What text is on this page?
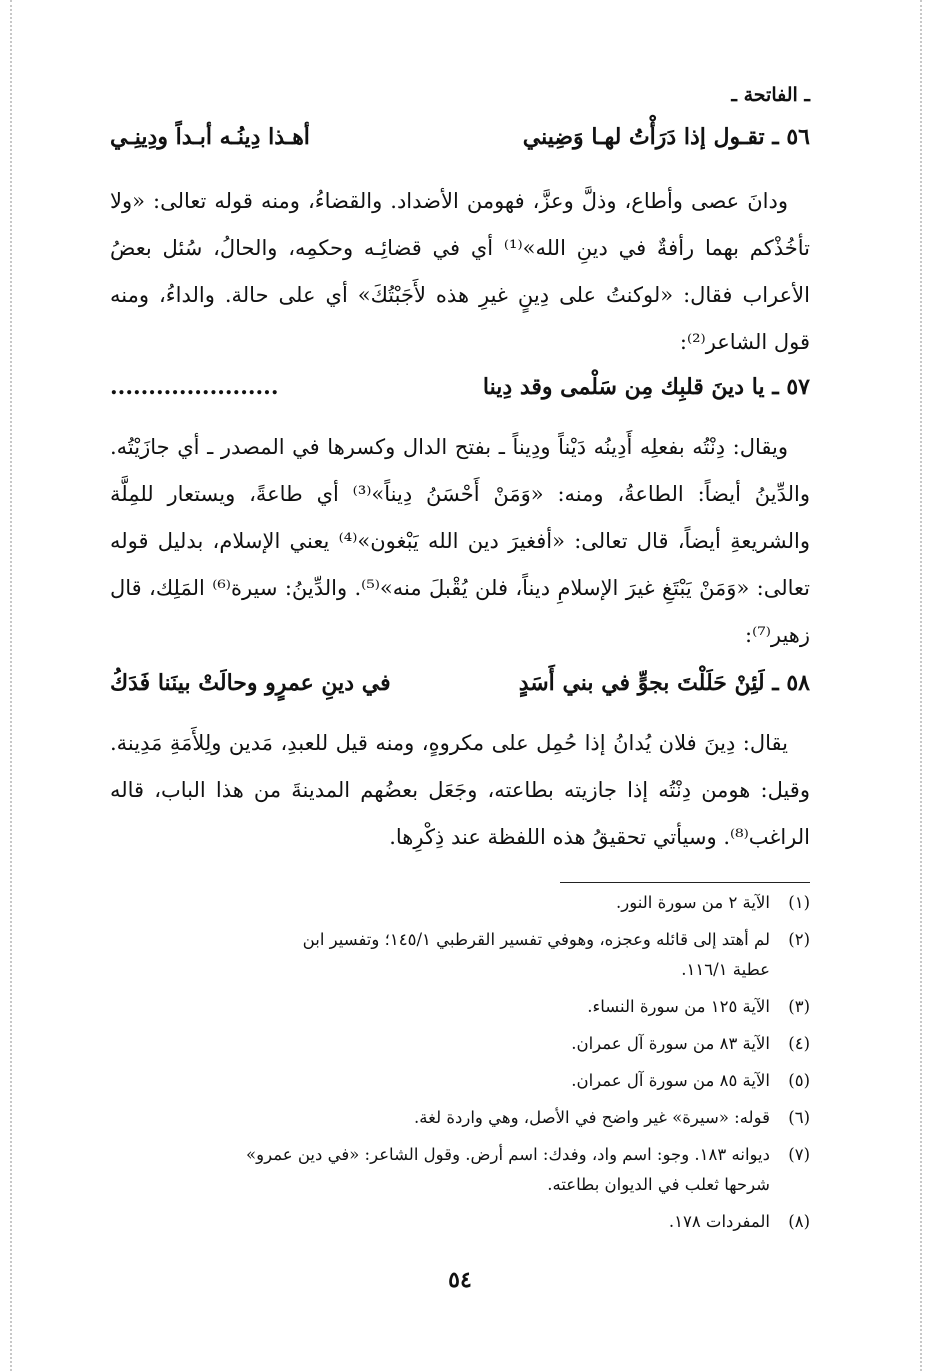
ـ الفاتحة ـ
٥٦ ـ تقـول إذا دَرَأْتُ لهـا وَضِيني
أهـذا دِينُـه أبـداً ودِينِـي
ودانَ عصى وأطاع، وذلَّ وعزَّ، فهومن الأضداد. والقضاءُ، ومنه قوله تعالى: «ولا تأخُذْكم بهما رأفةٌ في دينِ الله»⁽¹⁾ أي في قضائِـه وحكمِه، والحالُ، سُئل بعضُ الأعراب فقال: «لوكنتُ على دِينٍ غيرِ هذه لأَجَبْتُكَ» أي على حالة. والداءُ، ومنه قول الشاعر⁽²⁾:
٥٧ ـ يا دينَ قلبِك مِن سَلْمى وقد دِينا
......................
ويقال: دِنْتُه بفعلِه أَدِينُه دَيْناً ودِيناً ـ بفتح الدال وكسرها في المصدر ـ أي جازَيْتُه. والدِّينُ أيضاً: الطاعةُ، ومنه: «وَمَنْ أَحْسَنُ دِيناً»⁽³⁾ أي طاعةً، ويستعار للمِلَّة والشريعةِ أيضاً، قال تعالى: «أفغيرَ دين الله يَبْغون»⁽⁴⁾ يعني الإسلام، بدليل قوله تعالى: «وَمَنْ يَبْتَغِ غيرَ الإسلامِ ديناً، فلن يُقْبلَ منه»⁽⁵⁾. والدِّينُ: سيرة⁽⁶⁾ المَلِك، قال زهير⁽⁷⁾:
٥٨ ـ لَئِنْ حَلَلْتَ بجوٍّ في بني أَسَدٍ
في دينِ عمرٍو وحالَتْ بينَنا فَدَكُ
يقال: دِينَ فلان يُدانُ إذا حُمِل على مكروهٍ، ومنه قيل للعبدِ، مَدين ولِلأَمَةِ مَدِينة. وقيل: هومن دِنْتُه إذا جازيته بطاعته، وجَعَل بعضُهم المدينةَ من هذا الباب، قاله الراغب⁽⁸⁾. وسيأتي تحقيقُ هذه اللفظة عند ذِكْرِها.
(١)الآية ٢ من سورة النور.
(٢)لم أهتد إلى قائله وعجزه، وهوفي تفسير القرطبي ١٤٥/١؛ وتفسير ابن
عطية ١١٦/١.
(٣)الآية ١٢٥ من سورة النساء.
(٤)الآية ٨٣ من سورة آل عمران.
(٥)الآية ٨٥ من سورة آل عمران.
(٦)قوله: «سيرة» غير واضح في الأصل، وهي واردة لغة.
(٧)ديوانه ١٨٣. وجو: اسم واد، وفدك: اسم أرض. وقول الشاعر: «في دين عمرو»
شرحها ثعلب في الديوان بطاعته.
(٨)المفردات ١٧٨.
٥٤
